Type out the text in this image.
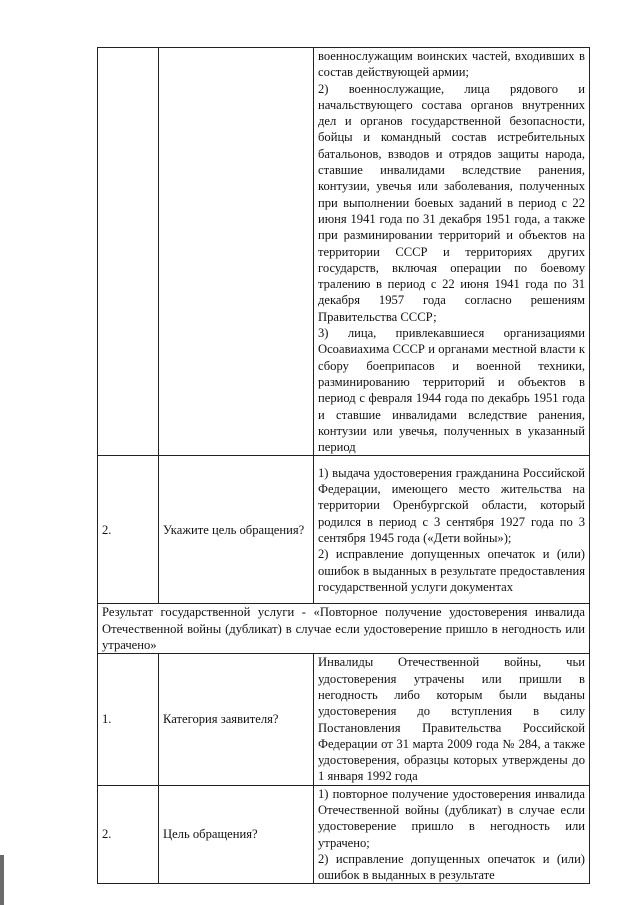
		военнослужащим воинских частей, входивших в состав действующей армии;

2) военнослужащие, лица рядового и начальствующего состава органов внутренних дел и органов государственной безопасности, бойцы и командный состав истребительных батальонов, взводов и отрядов защиты народа, ставшие инвалидами вследствие ранения, контузии, увечья или заболевания, полученных при выполнении боевых заданий в период с 22 июня 1941 года по 31 декабря 1951 года, а также при разминировании территорий и объектов на территории СССР и территориях других государств, включая операции по боевому тралению в период с 22 июня 1941 года по 31 декабря 1957 года согласно решениям Правительства СССР;

3) лица, привлекавшиеся организациями Осоавиахима СССР и органами местной власти к сбору боеприпасов и военной техники, разминированию территорий и объектов в период с февраля 1944 года по декабрь 1951 года и ставшие инвалидами вследствие ранения, контузии или увечья, полученных в указанный период

2.	Укажите цель обращения?	1) выдача удостоверения гражданина Российской Федерации, имеющего место жительства на территории Оренбургской области, который родился в период с 3 сентября 1927 года по 3 сентября 1945 года («Дети войны»);

2) исправление допущенных опечаток и (или) ошибок в выданных в результате предоставления государственной услуги документах

Результат государственной услуги - «Повторное получение удостоверения инвалида Отечественной войны (дубликат) в случае если удостоверение пришло в негодность или утрачено»		
1.	Категория заявителя?	Инвалиды Отечественной войны, чьи удостоверения утрачены или пришли в негодность либо которым были выданы удостоверения до вступления в силу Постановления Правительства Российской Федерации от 31 марта 2009 года № 284, а также удостоверения, образцы которых утверждены до 1 января 1992 года

2.	Цель обращения?	1) повторное получение удостоверения инвалида Отечественной войны (дубликат) в случае если удостоверение пришло в негодность или утрачено;

2) исправление допущенных опечаток и (или) ошибок в выданных в результате
